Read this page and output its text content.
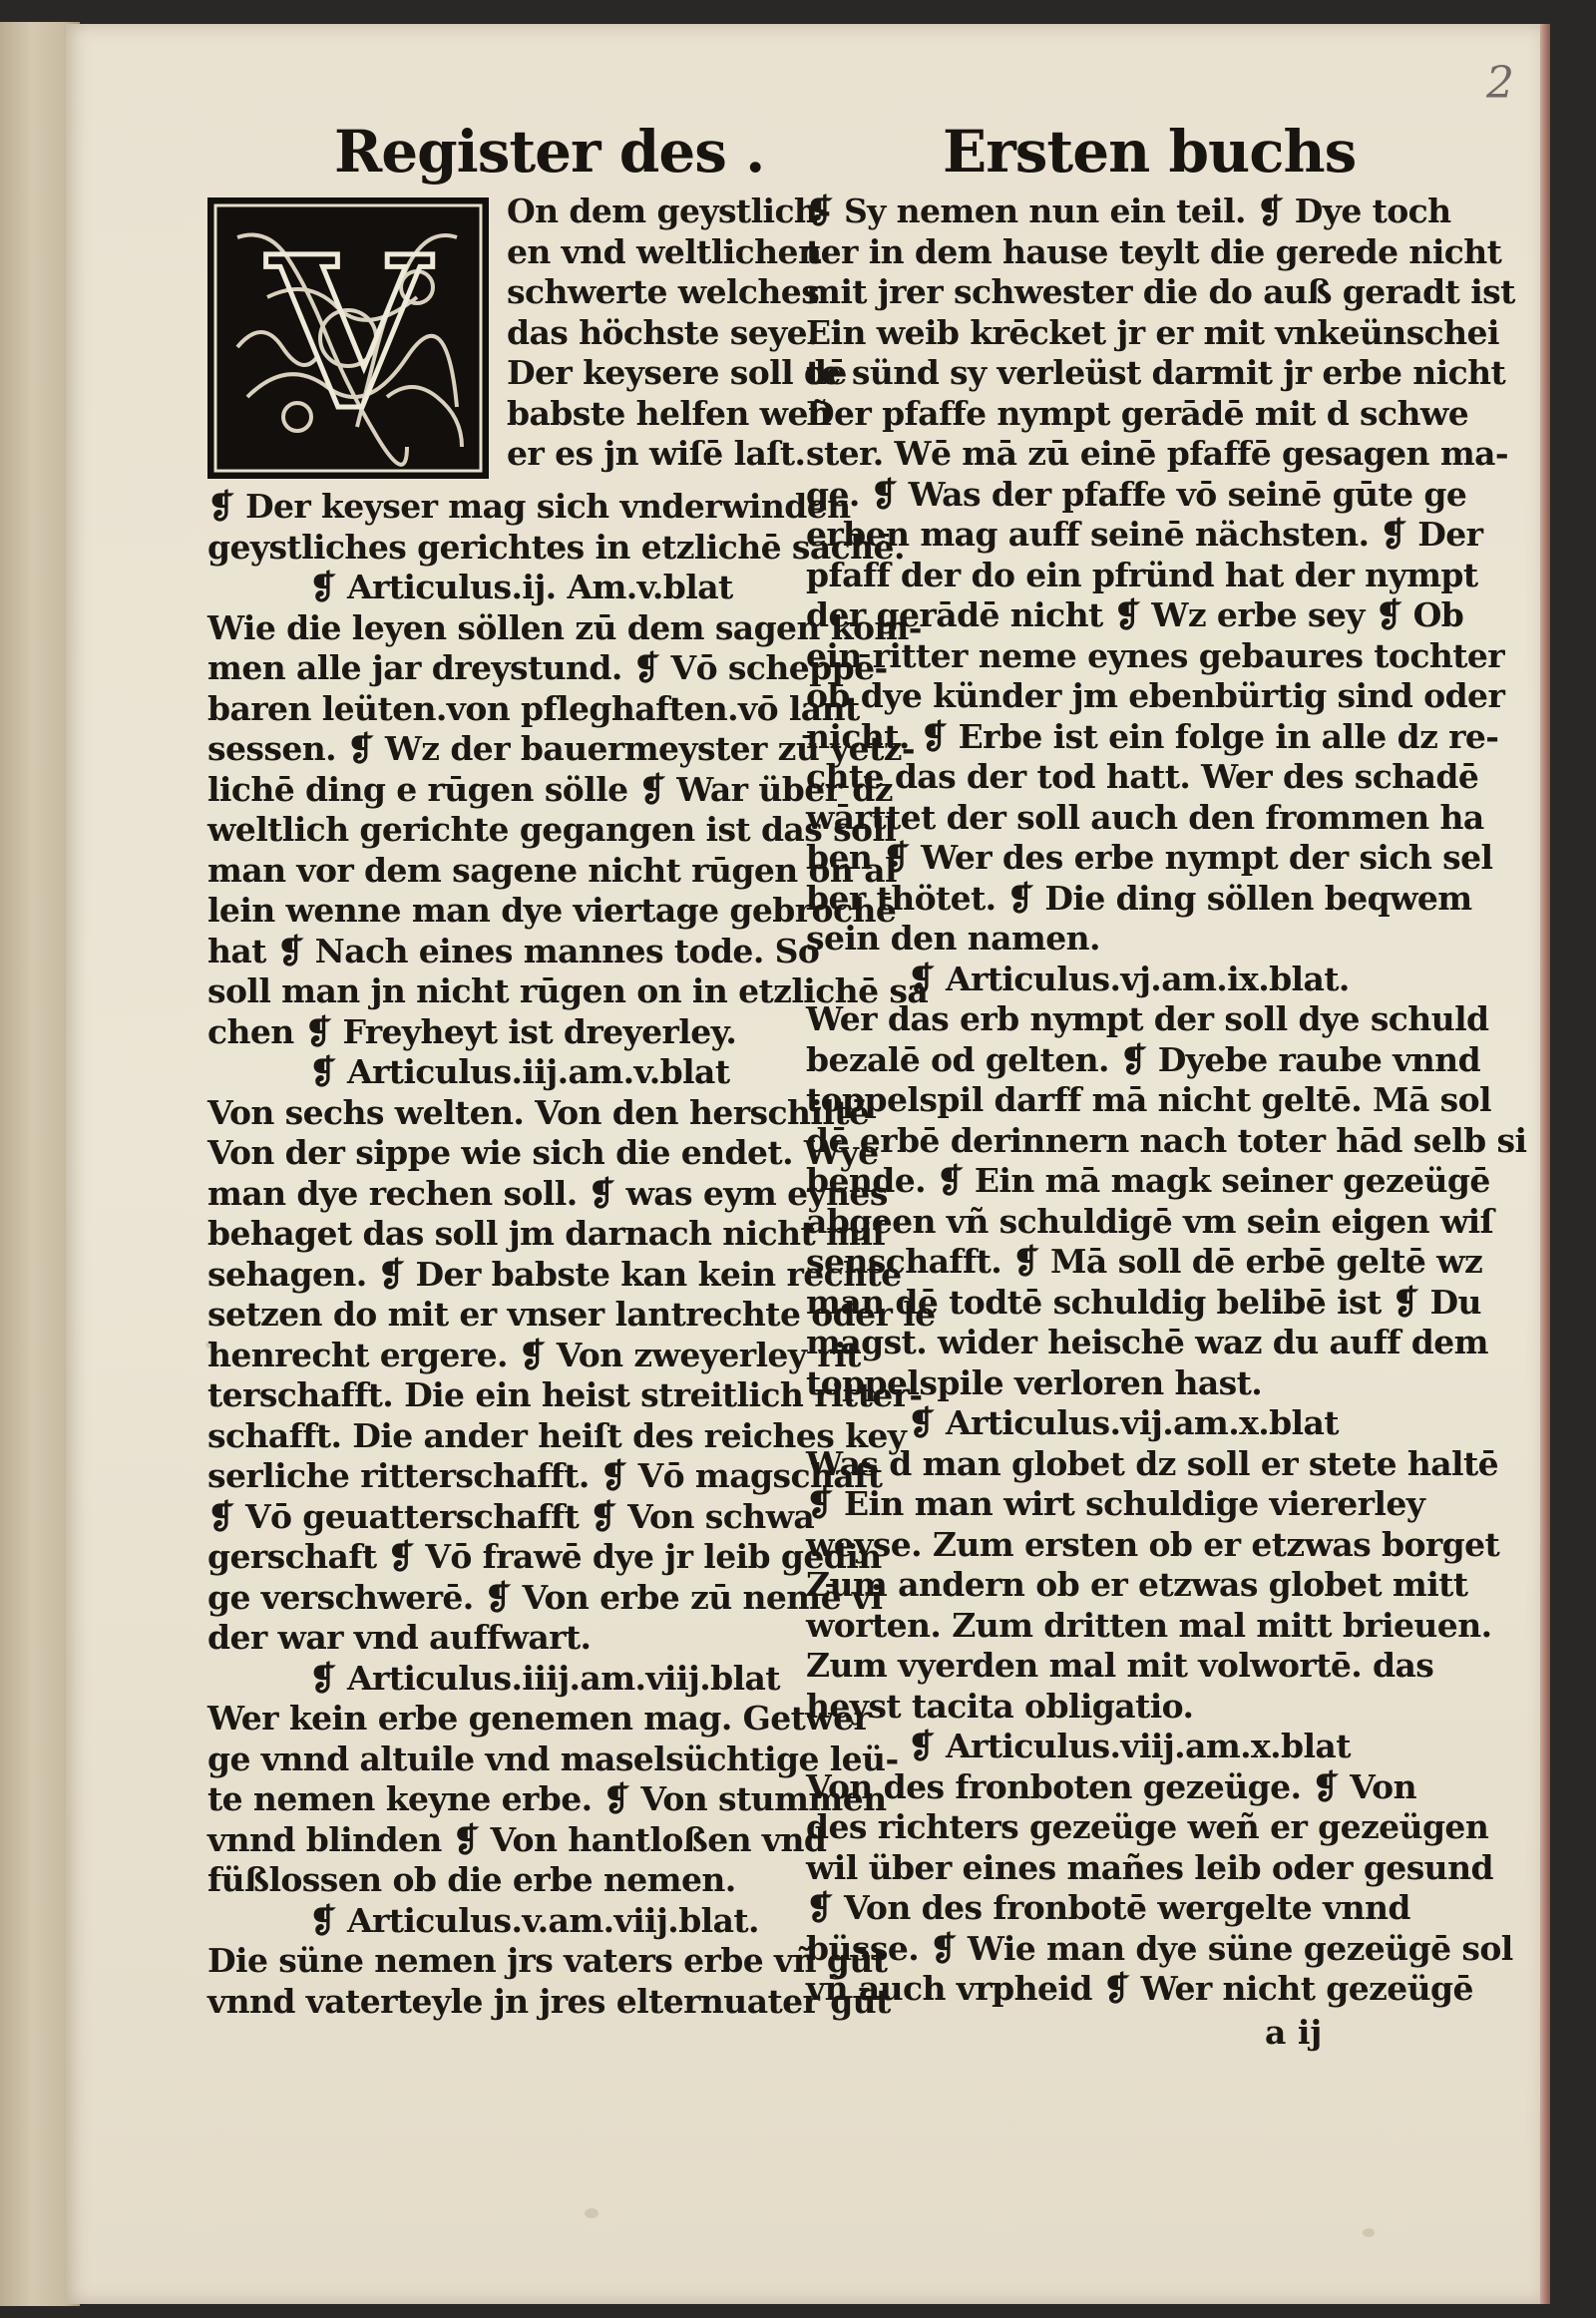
2
Register des .	Ersten buchs
V	On dem geystlich-
en vnd weltlichen
schwerte welches
das höchste seye.
Der keysere soll dē
babste helfen weñ
er es jn wiſē laſt.
❡ Der keyser mag sich vnderwinden
geystliches gerichtes in etzlichē sachē.
❡ Articulus.ij. Am.v.blat
Wie die leyen söllen zū dem sagen kom-
men alle jar dreystund. ❡ Vō scheppē-
baren leüten.von pfleghaften.vō lant
sessen. ❡ Wz der bauermeyster zū yetz-
lichē ding e rūgen sölle ❡ War über dz
weltlich gerichte gegangen ist das soll
man vor dem sagene nicht rūgen on al
lein wenne man dye viertage gebrochē
hat ❡ Nach eines mannes tode. So
soll man jn nicht rūgen on in etzlichē sa
chen ❡ Freyheyt ist dreyerley.
❡ Articulus.iij.am.v.blat
Von sechs welten. Von den herschiltē
Von der sippe wie sich die endet. Wye
man dye rechen soll. ❡ was eym eynes
behaget das soll jm darnach nicht miſ
sehagen. ❡ Der babste kan kein rechte
setzen do mit er vnser lantrechte oder le
henrecht ergere. ❡ Von zweyerley rit
terschafft. Die ein heist streitlich ritter-
schafft. Die ander heiſt des reiches key
serliche ritterschafft. ❡ Vō magschaft
❡ Vō geuatterschafft ❡ Von schwa
gerschaft ❡ Vō frawē dye jr leib gedin
ge verschwerē. ❡ Von erbe zū nemē vi
der war vnd auffwart.
❡ Articulus.iiij.am.viij.blat
Wer kein erbe genemen mag. Getwer
ge vnnd altuile vnd maselsüchtige leü-
te nemen keyne erbe. ❡ Von stummen
vnnd blinden ❡ Von hantloßen vnd
füßlossen ob die erbe nemen.
❡ Articulus.v.am.viij.blat.
Die süne nemen jrs vaters erbe vñ gūt
vnnd vaterteyle jn jres elternuater gūt
❡ Sy nemen nun ein teil. ❡ Dye toch
ter in dem hause teylt die gerede nicht
mit jrer schwester die do auß geradt ist
Ein weib krēcket jr er mit vnkeünschei
te sünd sy verleüst darmit jr erbe nicht
Der pfaffe nympt gerādē mit d schwe
ster. Wē mā zū einē pfaffē gesagen ma-
ge. ❡ Was der pfaffe vō seinē gūte ge
erben mag auff seinē nächsten. ❡ Der
pfaff der do ein pfründ hat der nympt
der gerādē nicht ❡ Wz erbe sey ❡ Ob
ein ritter neme eynes gebaures tochter
ob dye künder jm ebenbürtig sind oder
nicht. ❡ Erbe ist ein folge in alle dz re-
chte das der tod hatt. Wer des schadē
wārttet der soll auch den frommen ha
ben ❡ Wer des erbe nympt der sich sel
ber thötet. ❡ Die ding söllen beqwem
sein den namen.
❡ Articulus.vj.am.ix.blat.
Wer das erb nympt der soll dye schuld
bezalē od gelten. ❡ Dyebe raube vnnd
toppelspil darff mā nicht geltē. Mā sol
dē erbē derinnern nach toter hād selb si
bende. ❡ Ein mā magk seiner gezeügē
abgeen vñ schuldigē vm sein eigen wiſ
senschafft. ❡ Mā soll dē erbē geltē wz
man dē todtē schuldig belibē ist ❡ Du
magst. wider heischē waz du auff dem
toppelspile verloren hast.
❡ Articulus.vij.am.x.blat
Was d man globet dz soll er stete haltē
❡ Ein man wirt schuldige viererley
weyse. Zum ersten ob er etzwas borget
Zum andern ob er etzwas globet mitt
worten. Zum dritten mal mitt brieuen.
Zum vyerden mal mit volwortē. das
heyst tacita obligatio.
❡ Articulus.viij.am.x.blat
Von des fronboten gezeüge. ❡ Von
des richters gezeüge weñ er gezeügen
wil über eines mañes leib oder gesund
❡ Von des fronbotē wergelte vnnd
büsse. ❡ Wie man dye süne gezeügē sol
vñ auch vrpheid ❡ Wer nicht gezeügē
a ij
